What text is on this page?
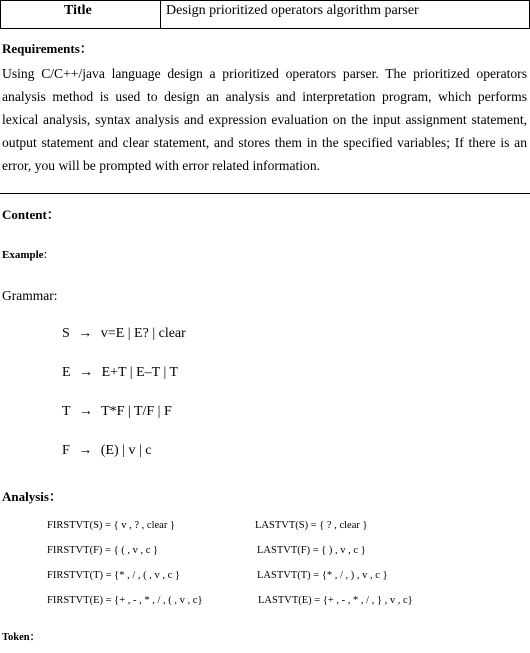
Title	Design prioritized operators algorithm parser
Requirements：
Using C/C++/java language design a prioritized operators parser. The prioritized operators analysis method is used to design an analysis and interpretation program, which performs lexical analysis, syntax analysis and expression evaluation on the input assignment statement, output statement and clear statement, and stores them in the specified variables; If there is an error, you will be prompted with error related information.
Content：
Example:
Grammar:
S → v=E | E? | clear
E → E+T | E–T | T
T → T*F | T/F | F
F → (E) | v | c
Analysis：
FIRSTVT(S) = { v , ? , clear }
FIRSTVT(F) = { ( , v , c }
FIRSTVT(T) = {* , / , ( , v , c }
FIRSTVT(E) = {+ , - , * , / , ( , v , c}
LASTVT(S) = { ? , clear }
LASTVT(F) = { ) , v , c }
LASTVT(T) = {* , / , ) , v , c }
LASTVT(E) = {+ , - , * , / , } , v , c}
Token：
